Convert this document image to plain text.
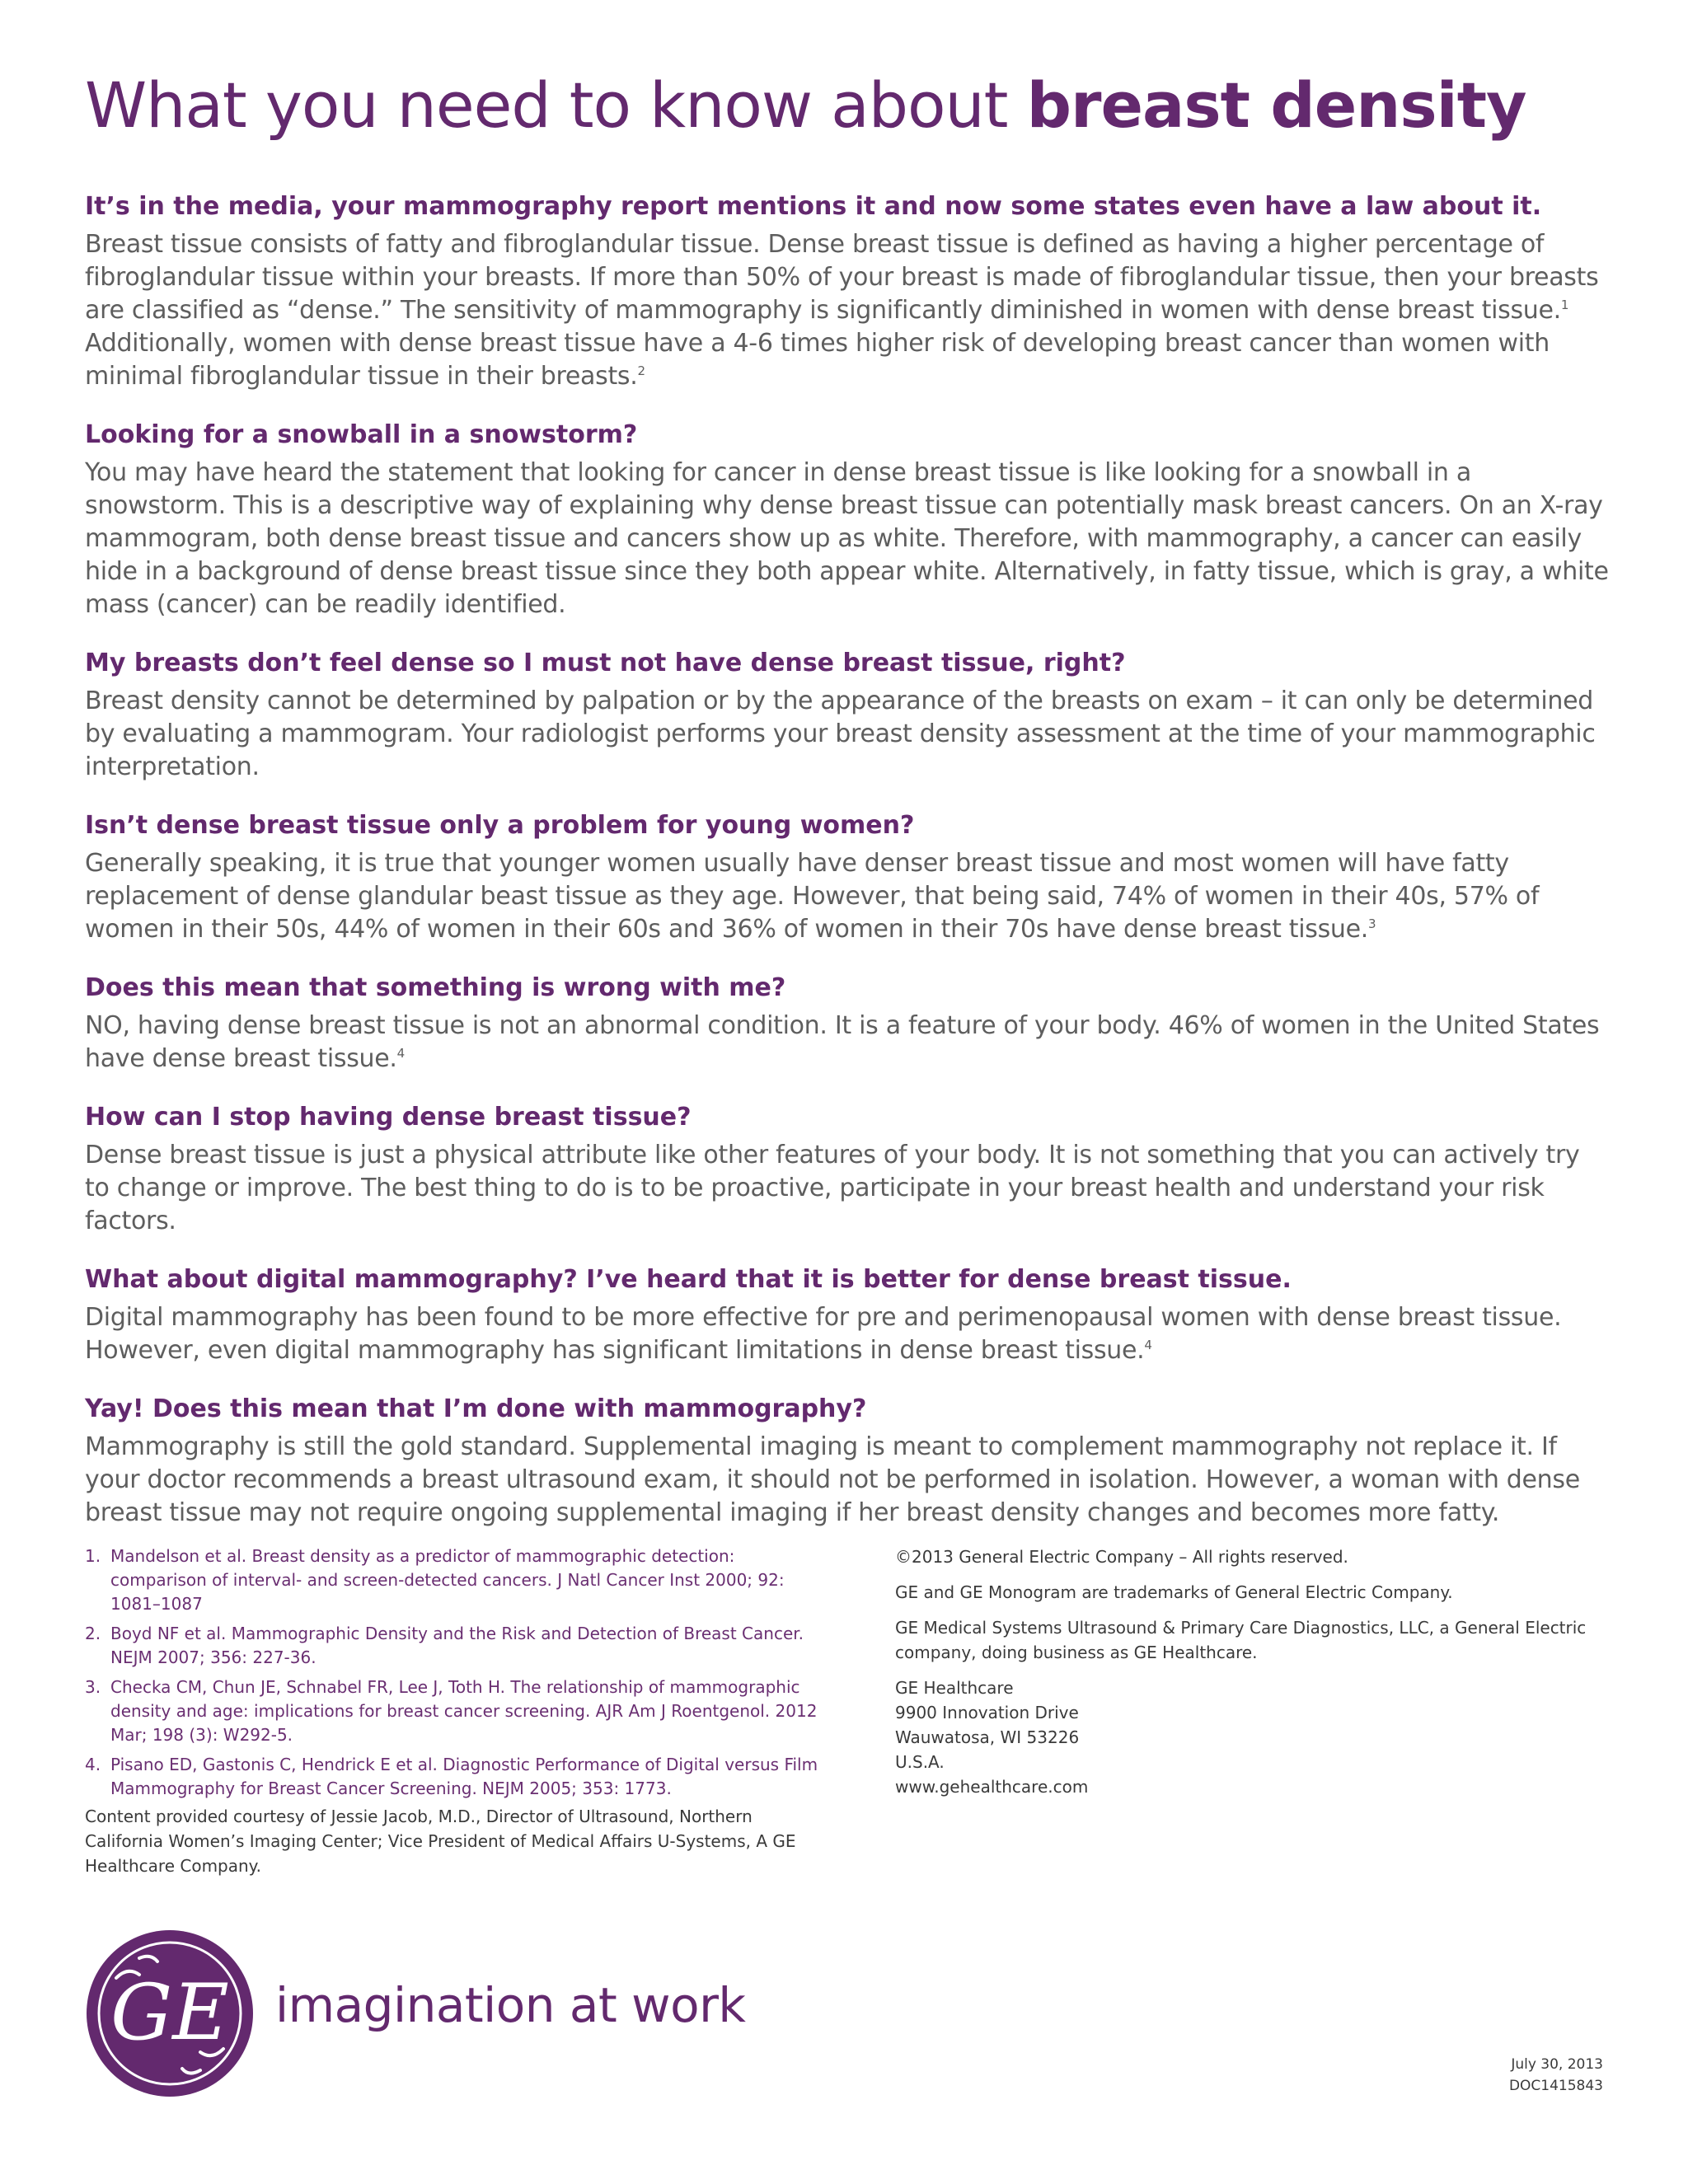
What you need to know about breast density

It’s in the media, your mammography report mentions it and now some states even have a law about it.

Breast tissue consists of fatty and fibroglandular tissue. Dense breast tissue is defined as having a higher percentage of fibroglandular tissue within your breasts. If more than 50% of your breast is made of fibroglandular tissue, then your breasts are classified as “dense.” The sensitivity of mammography is significantly diminished in women with dense breast tissue.$^1$ Additionally, women with dense breast tissue have a 4-6 times higher risk of developing breast cancer than women with minimal fibroglandular tissue in their breasts.$^2$

Looking for a snowball in a snowstorm?

You may have heard the statement that looking for cancer in dense breast tissue is like looking for a snowball in a snowstorm. This is a descriptive way of explaining why dense breast tissue can potentially mask breast cancers. On an X-ray mammogram, both dense breast tissue and cancers show up as white. Therefore, with mammography, a cancer can easily hide in a background of dense breast tissue since they both appear white. Alternatively, in fatty tissue, which is gray, a white mass (cancer) can be readily identified.

My breasts don’t feel dense so I must not have dense breast tissue, right?

Breast density cannot be determined by palpation or by the appearance of the breasts on exam – it can only be determined by evaluating a mammogram. Your radiologist performs your breast density assessment at the time of your mammographic interpretation.

Isn’t dense breast tissue only a problem for young women?

Generally speaking, it is true that younger women usually have denser breast tissue and most women will have fatty replacement of dense glandular beast tissue as they age. However, that being said, 74% of women in their 40s, 57% of women in their 50s, 44% of women in their 60s and 36% of women in their 70s have dense breast tissue.$^3$

Does this mean that something is wrong with me?

NO, having dense breast tissue is not an abnormal condition. It is a feature of your body. 46% of women in the United States have dense breast tissue.$^4$

How can I stop having dense breast tissue?

Dense breast tissue is just a physical attribute like other features of your body. It is not something that you can actively try to change or improve. The best thing to do is to be proactive, participate in your breast health and understand your risk factors.

What about digital mammography? I’ve heard that it is better for dense breast tissue.

Digital mammography has been found to be more effective for pre and perimenopausal women with dense breast tissue. However, even digital mammography has significant limitations in dense breast tissue.$^4$

Yay! Does this mean that I’m done with mammography?

Mammography is still the gold standard. Supplemental imaging is meant to complement mammography not replace it. If your doctor recommends a breast ultrasound exam, it should not be performed in isolation. However, a woman with dense breast tissue may not require ongoing supplemental imaging if her breast density changes and becomes more fatty.

1. Mandelson et al. Breast density as a predictor of mammographic detection: comparison of interval- and screen-detected cancers. J Natl Cancer Inst 2000; 92: 1081–1087
2. Boyd NF et al. Mammographic Density and the Risk and Detection of Breast Cancer. NEJM 2007; 356: 227-36.
3. Checka CM, Chun JE, Schnabel FR, Lee J, Toth H. The relationship of mammographic density and age: implications for breast cancer screening. AJR Am J Roentgenol. 2012 Mar; 198 (3): W292-5.
4. Pisano ED, Gastonis C, Hendrick E et al. Diagnostic Performance of Digital versus Film Mammography for Breast Cancer Screening. NEJM 2005; 353: 1773.

Content provided courtesy of Jessie Jacob, M.D., Director of Ultrasound, Northern California Women’s Imaging Center; Vice President of Medical Affairs U-Systems, A GE Healthcare Company.

©2013 General Electric Company – All rights reserved.

GE and GE Monogram are trademarks of General Electric Company.

GE Medical Systems Ultrasound & Primary Care Diagnostics, LLC, a General Electric company, doing business as GE Healthcare.

GE Healthcare

9900 Innovation Drive

Wauwatosa, WI 53226

U.S.A.

www.gehealthcare.com

GE imagination at work

July 30, 2013
DOC1415843
